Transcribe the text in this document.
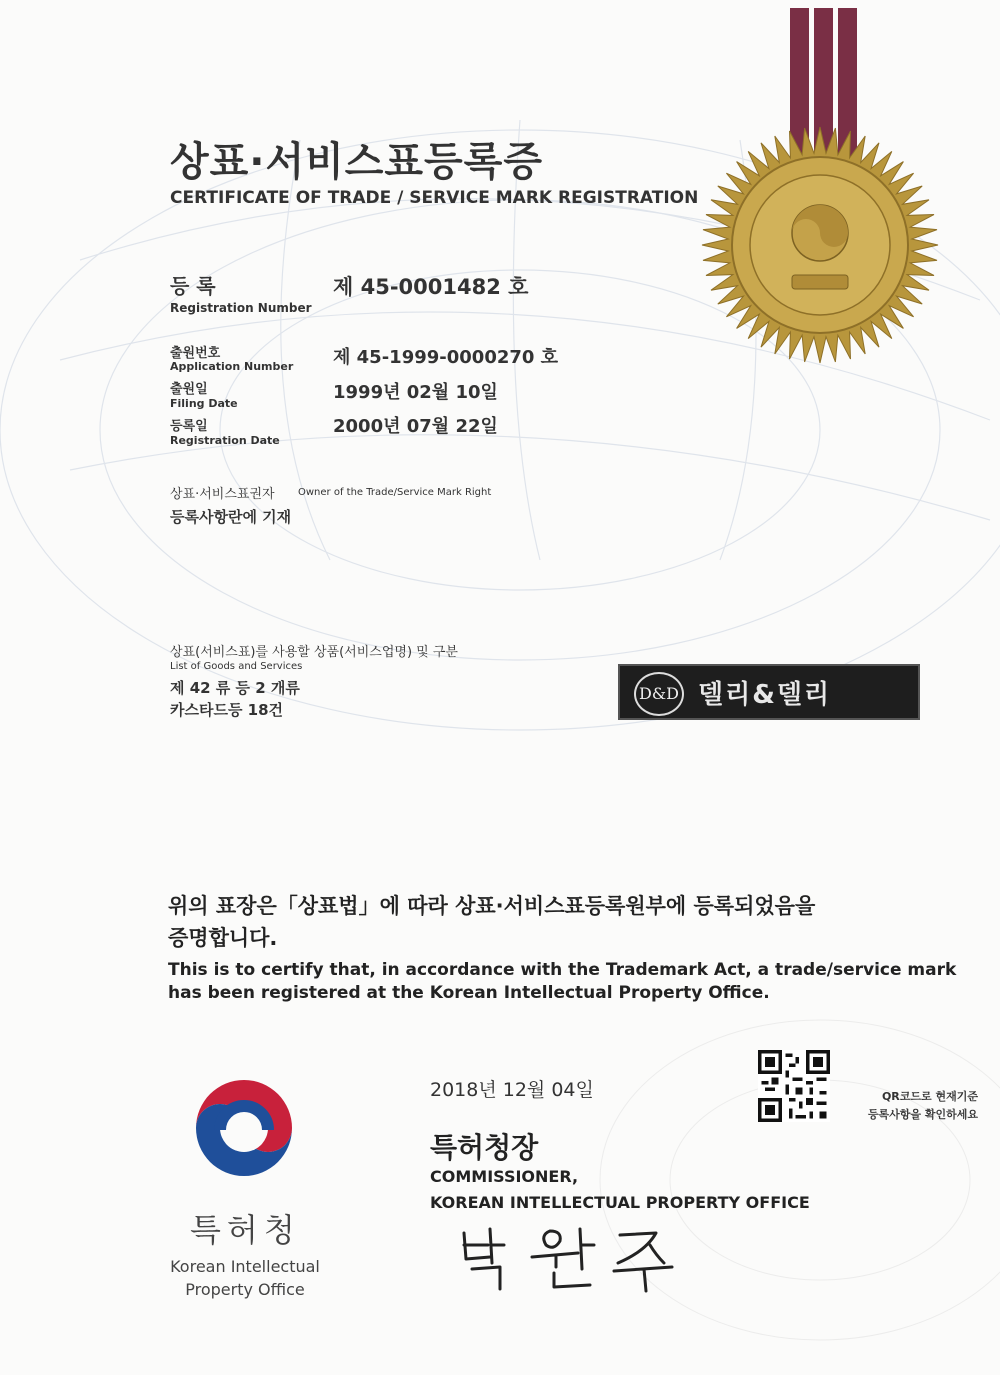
상표·서비스표등록증
CERTIFICATE OF TRADE / SERVICE MARK REGISTRATION
등 록
Registration Number
제 45-0001482 호
출원번호
Application Number 제 45-1999-0000270 호
출원일
Filing Date
1999년 02월 10일
등록일
Registration Date
2000년 07월 22일
상표·서비스표권자 Owner of the Trade/Service Mark Right
등록사항란에 기재
상표(서비스표)를 사용할 상품(서비스업명) 및 구분
List of Goods and Services
제 42 류 등 2 개류
카스타드등 18건
D&D 델리&델리
위의 표장은「상표법」에 따라 상표·서비스표등록원부에 등록되었음을
증명합니다.
This is to certify that, in accordance with the Trademark Act, a trade/service mark
has been registered at the Korean Intellectual Property Office.
특허청
Korean Intellectual
Property Office
2018년 12월 04일
특허청장
COMMISSIONER,
KOREAN INTELLECTUAL PROPERTY OFFICE
QR코드로 현재기준
등록사항을 확인하세요
